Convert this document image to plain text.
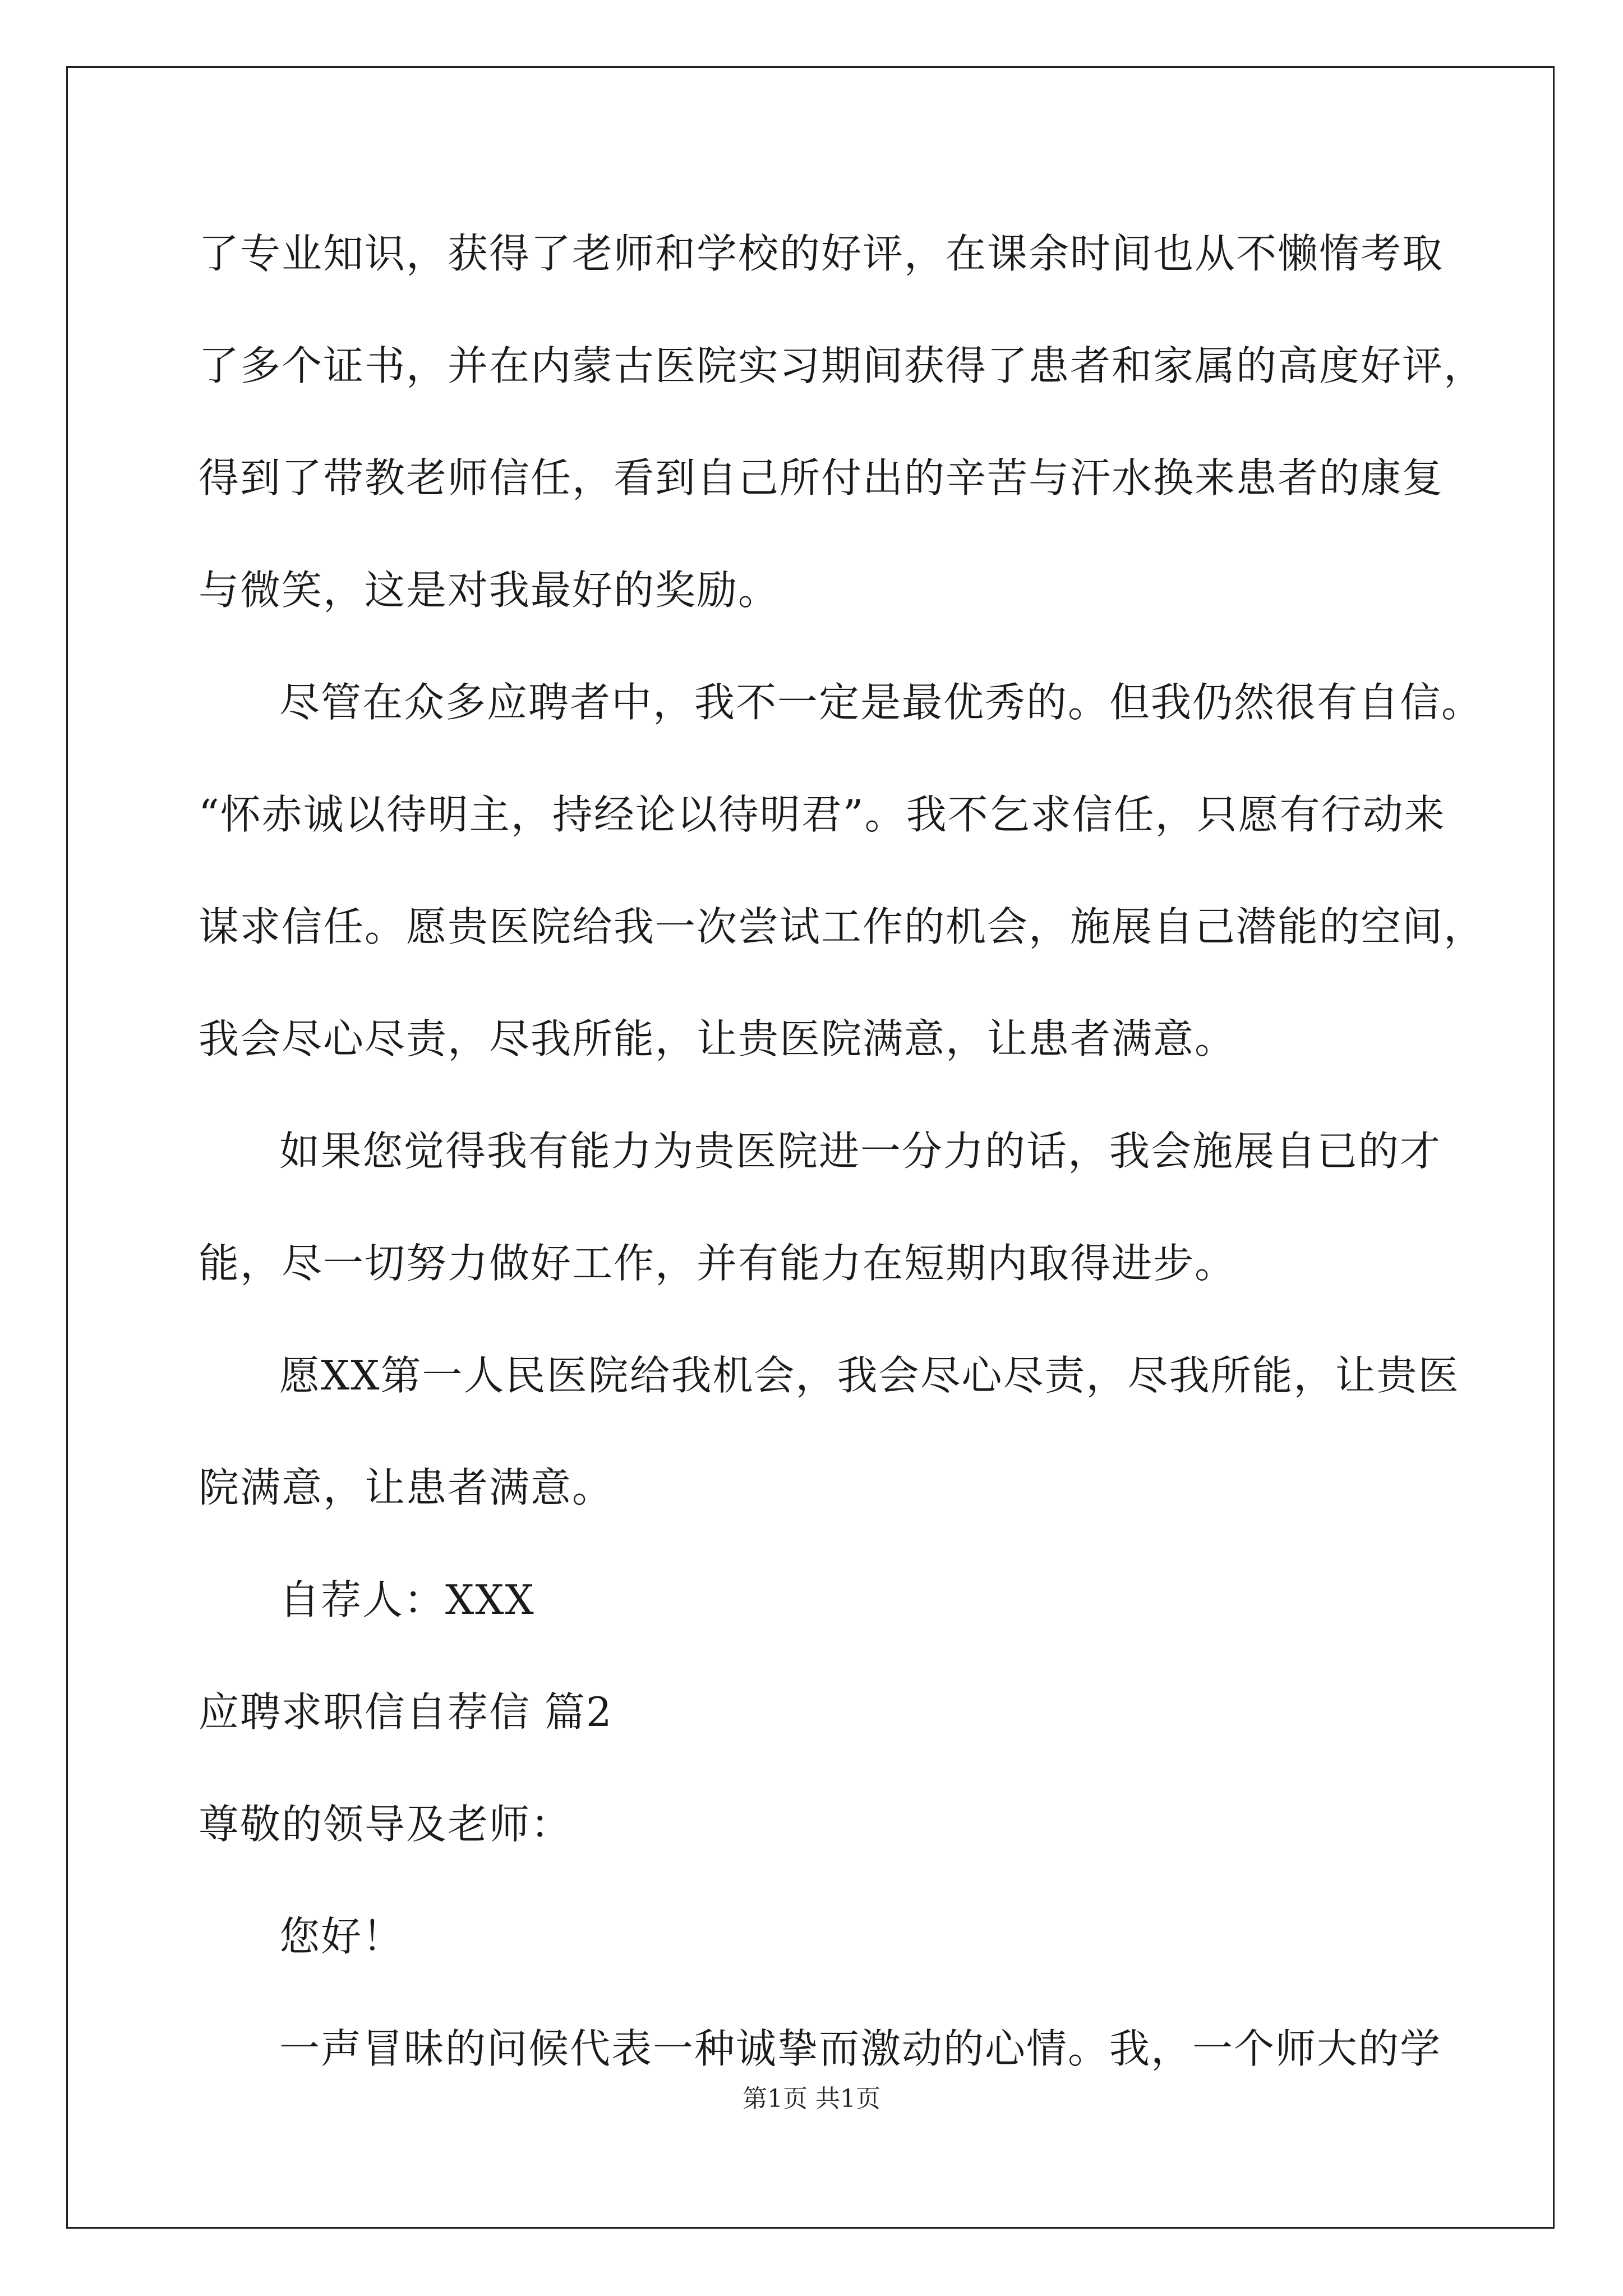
了专业知识，获得了老师和学校的好评，在课余时间也从不懒惰考取
了多个证书，并在内蒙古医院实习期间获得了患者和家属的高度好评，
得到了带教老师信任，看到自己所付出的辛苦与汗水换来患者的康复
与微笑，这是对我最好的奖励。
尽管在众多应聘者中，我不一定是最优秀的。但我仍然很有自信。
“怀赤诚以待明主，持经论以待明君”。我不乞求信任，只愿有行动来
谋求信任。愿贵医院给我一次尝试工作的机会，施展自己潜能的空间，
我会尽心尽责，尽我所能，让贵医院满意，让患者满意。
如果您觉得我有能力为贵医院进一分力的话，我会施展自已的才
能，尽一切努力做好工作，并有能力在短期内取得进步。
愿XX第一人民医院给我机会，我会尽心尽责，尽我所能，让贵医
院满意，让患者满意。
自荐人：XXX
应聘求职信自荐信 篇2
尊敬的领导及老师：
您好！
一声冒昧的问候代表一种诚挚而激动的心情。我，一个师大的学
第1页 共1页
